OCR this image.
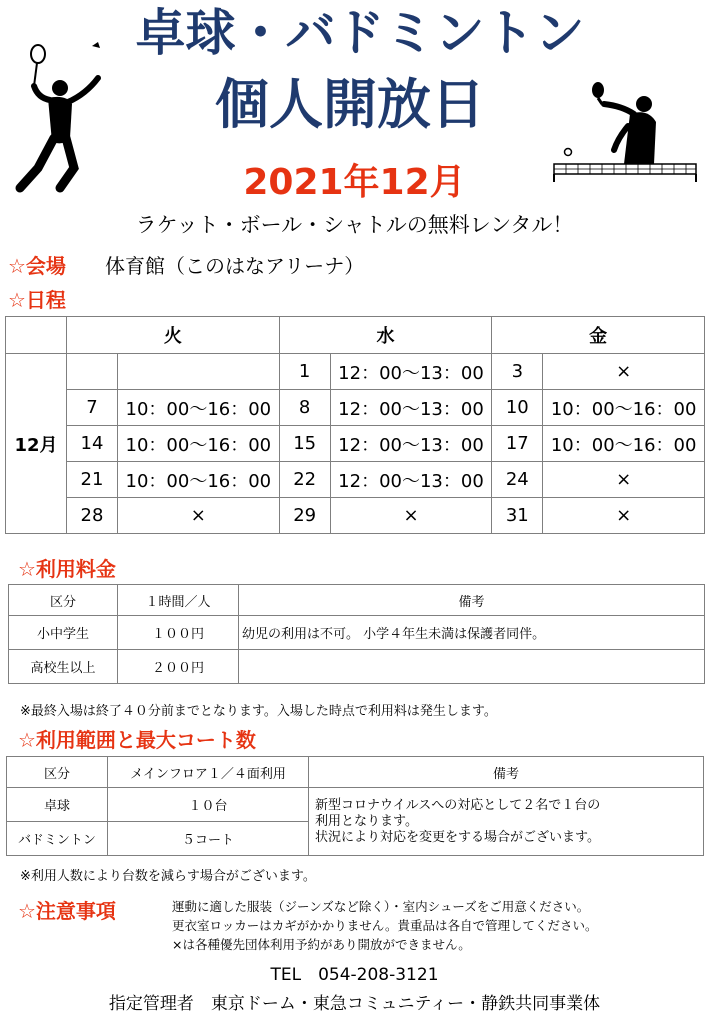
卓球・バドミントン
個人開放日
2021年12月
ラケット・ボール・シャトルの無料レンタル！
☆会場 体育館（このはなアリーナ）
☆日程
	火		水		金	
12月			1	12：00～13：00	3	×
	7	10：00～16：00	8	12：00～13：00	10	10：00～16：00
	14	10：00～16：00	15	12：00～13：00	17	10：00～16：00
	21	10：00～16：00	22	12：00～13：00	24	×
	28	×	29	×	31	×
☆利用料金
区分	１時間／人	備考
小中学生	１００円	幼児の利用は不可。 小学４年生未満は保護者同伴。
高校生以上	２００円	
※最終入場は終了４０分前までとなります。入場した時点で利用料は発生します。
☆利用範囲と最大コート数
区分	メインフロア１／４面利用	備考
卓球	１０台	新型コロナウイルスへの対応として２名で１台の
利用となります。
状況により対応を変更をする場合がございます。

バドミントン	５コート	
※利用人数により台数を減らす場合がございます。
☆注意事項	運動に適した服装（ジーンズなど除く）・室内シューズをご用意ください。
更衣室ロッカーはカギがかかりません。貴重品は各自で管理してください。
×は各種優先団体利用予約があり開放ができません。
TEL　054-208-3121
指定管理者　東京ドーム・東急コミュニティー・静鉄共同事業体
